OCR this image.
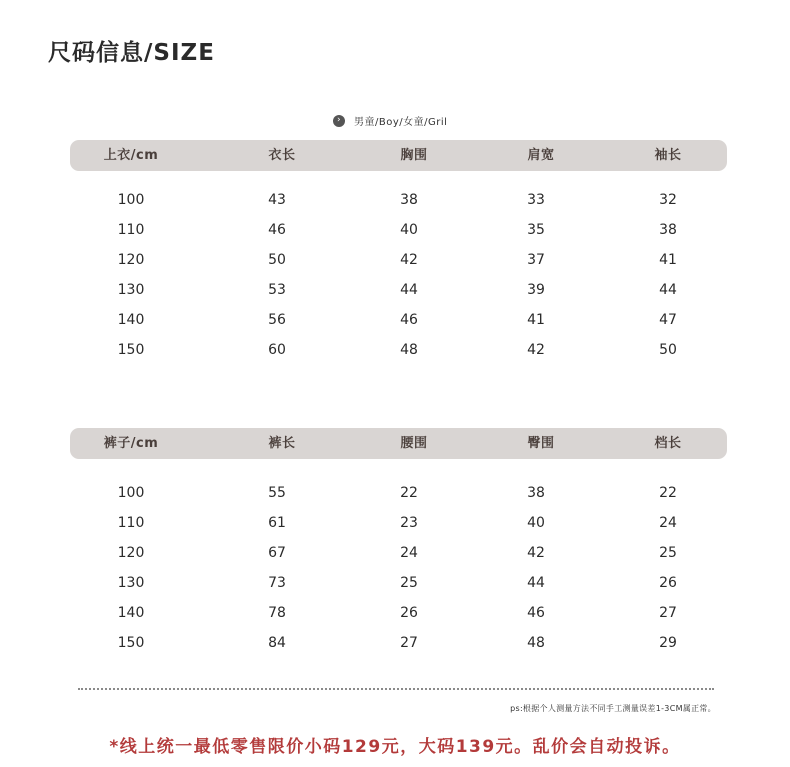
尺码信息/SIZE
›	男童/Boy/女童/Gril
上衣/cm	衣长	胸围	肩宽	袖长
100	43	38	33	32
110	46	40	35	38
120	50	42	37	41
130	53	44	39	44
140	56	46	41	47
150	60	48	42	50
裤子/cm	裤长	腰围	臀围	档长
100	55	22	38	22
110	61	23	40	24
120	67	24	42	25
130	73	25	44	26
140	78	26	46	27
150	84	27	48	29
ps:根据个人测量方法不同手工测量误差1-3CM属正常。
*线上统一最低零售限价小码129元，大码139元。乱价会自动投诉。
